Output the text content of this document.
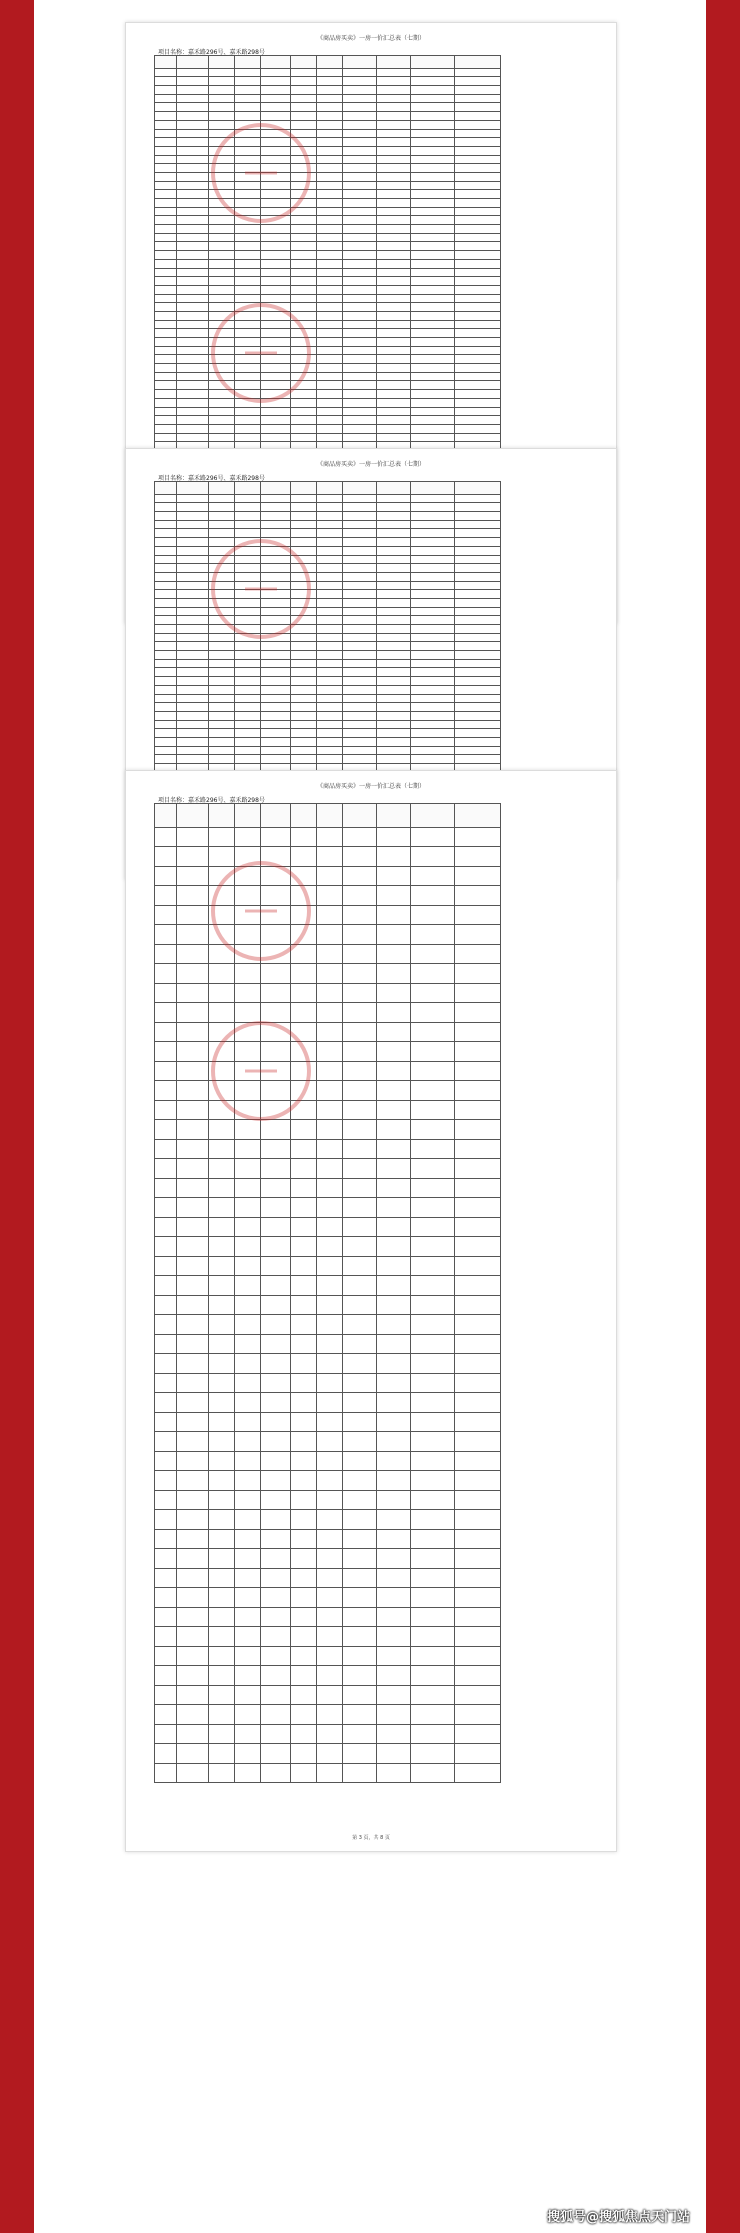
《商品房买卖》一房一价汇总表（七期）
项目名称：嘉禾路296号、嘉禾路298号

《商品房买卖》一房一价汇总表（七期）
项目名称：嘉禾路296号、嘉禾路298号

《商品房买卖》一房一价汇总表（七期）
项目名称：嘉禾路296号、嘉禾路298号

第 3 页，共 8 页
搜狐号@搜狐焦点天门站
